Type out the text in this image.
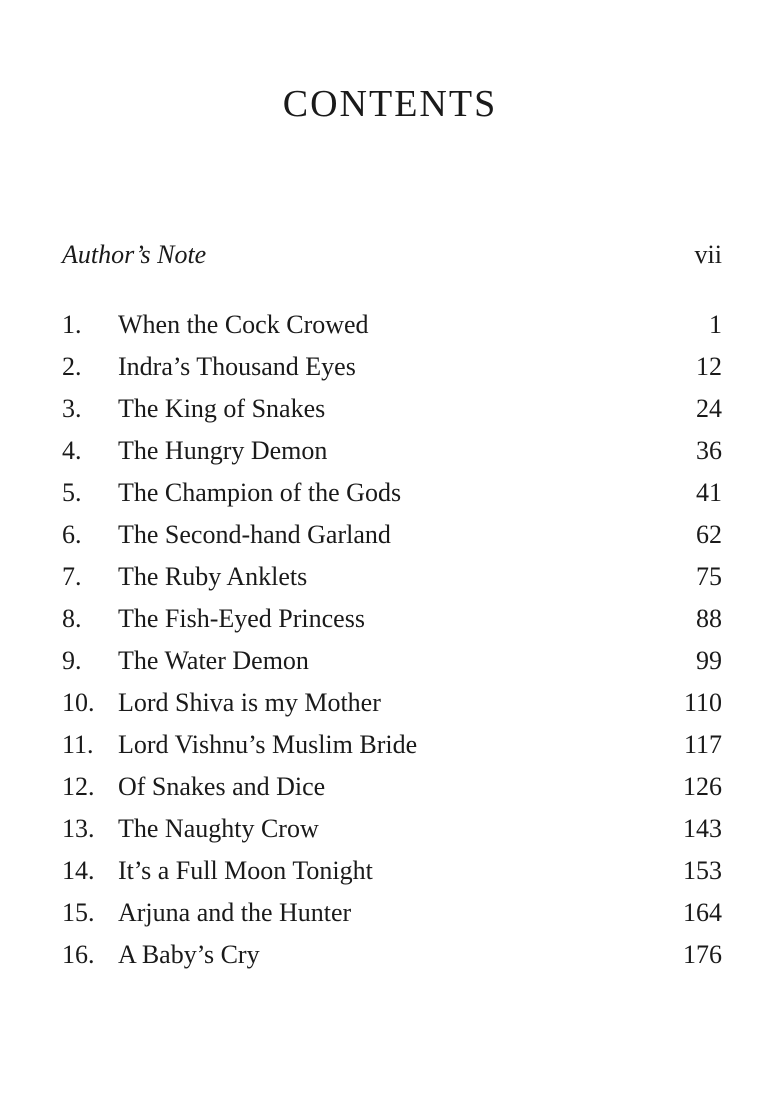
CONTENTS
Author’s Note	vii
1.	When the Cock Crowed	1
2.	Indra’s Thousand Eyes	12
3.	The King of Snakes	24
4.	The Hungry Demon	36
5.	The Champion of the Gods	41
6.	The Second-hand Garland	62
7.	The Ruby Anklets	75
8.	The Fish-Eyed Princess	88
9.	The Water Demon	99
10. Lord Shiva is my Mother	110
11. Lord Vishnu’s Muslim Bride	117
12. Of Snakes and Dice	126
13. The Naughty Crow	143
14. It’s a Full Moon Tonight	153
15. Arjuna and the Hunter	164
16. A Baby’s Cry	176
